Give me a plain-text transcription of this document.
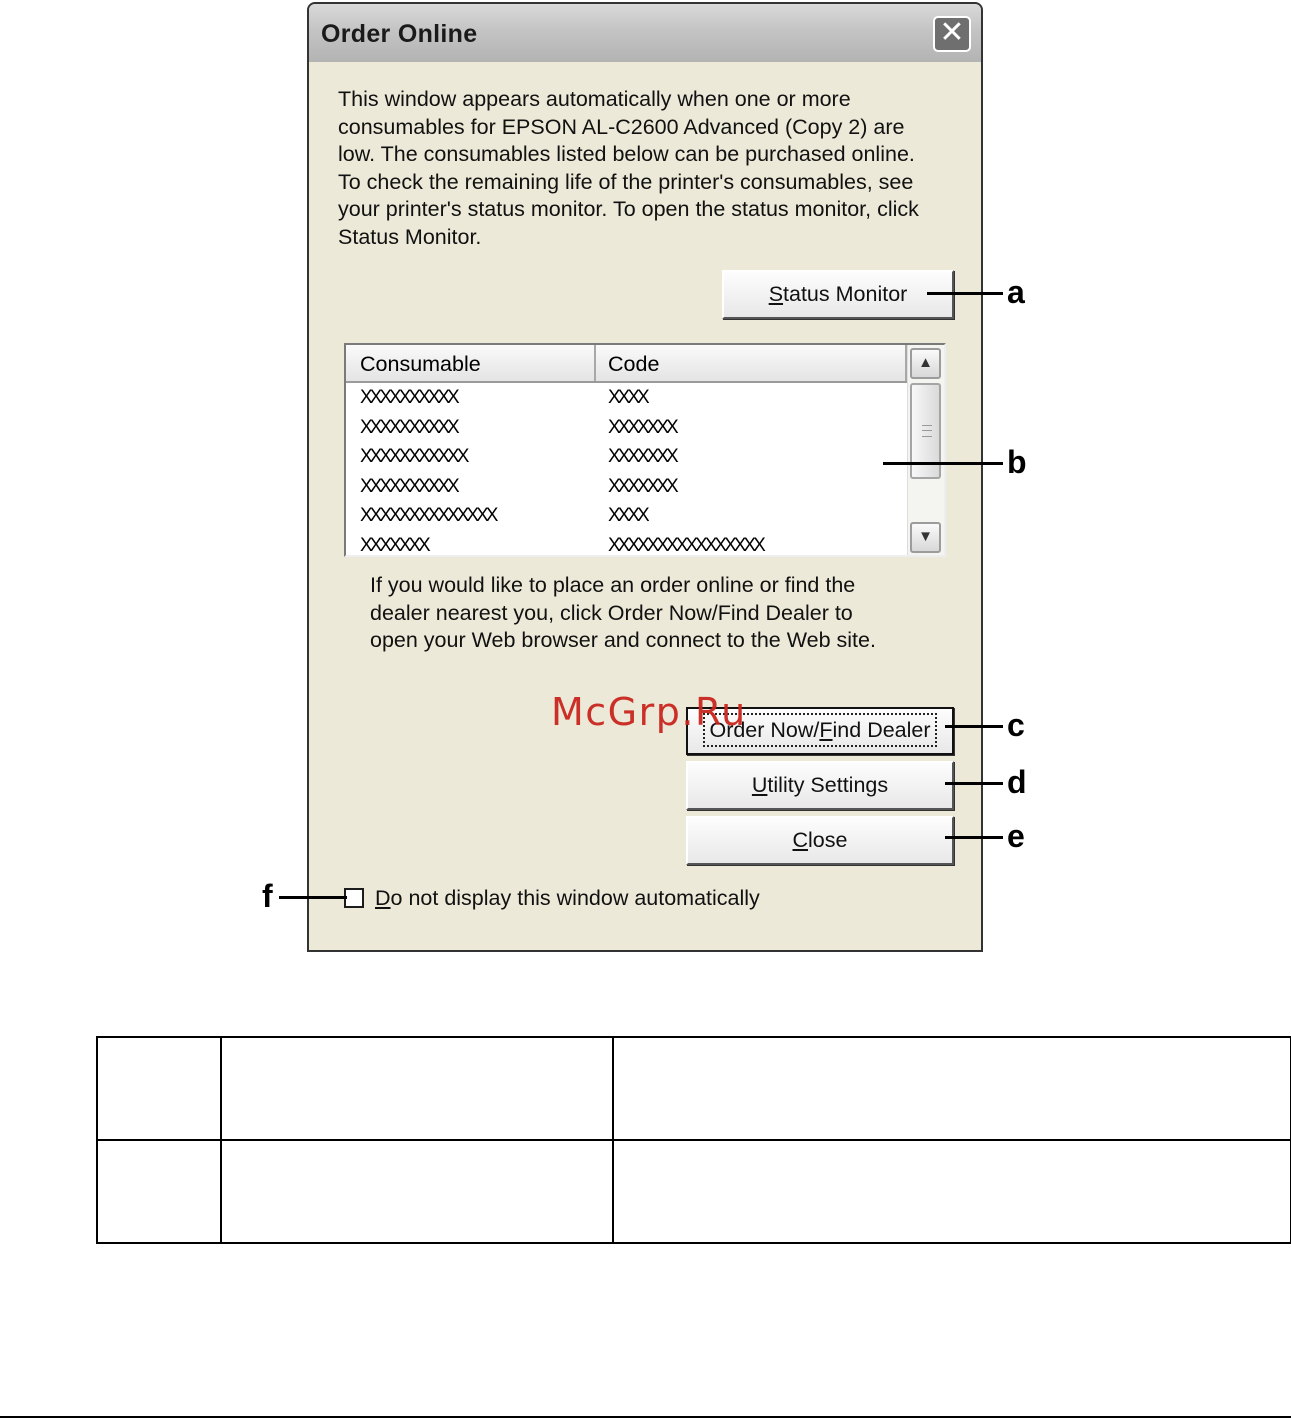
Order Online	✕
This window appears automatically when one or more
consumables for EPSON AL-C2600 Advanced (Copy 2) are
low. The consumables listed below can be purchased online.
To check the remaining life of the printer's consumables, see
your printer's status monitor. To open the status monitor, click
Status Monitor.
Status Monitor
Consumable	Code
XXXXXXXXXX	XXXX
XXXXXXXXXX	XXXXXXX
XXXXXXXXXXX	XXXXXXX
XXXXXXXXXX	XXXXXXX
XXXXXXXXXXXXXX	XXXX
XXXXXXX	XXXXXXXXXXXXXXXX
▲
▼
If you would like to place an order online or find the
dealer nearest you, click Order Now/Find Dealer to
open your Web browser and connect to the Web site.
Order Now/Find Dealer
Utility Settings
Close
Do not display this window automatically
a
b
c
d
e
f
McGrp.Ru
